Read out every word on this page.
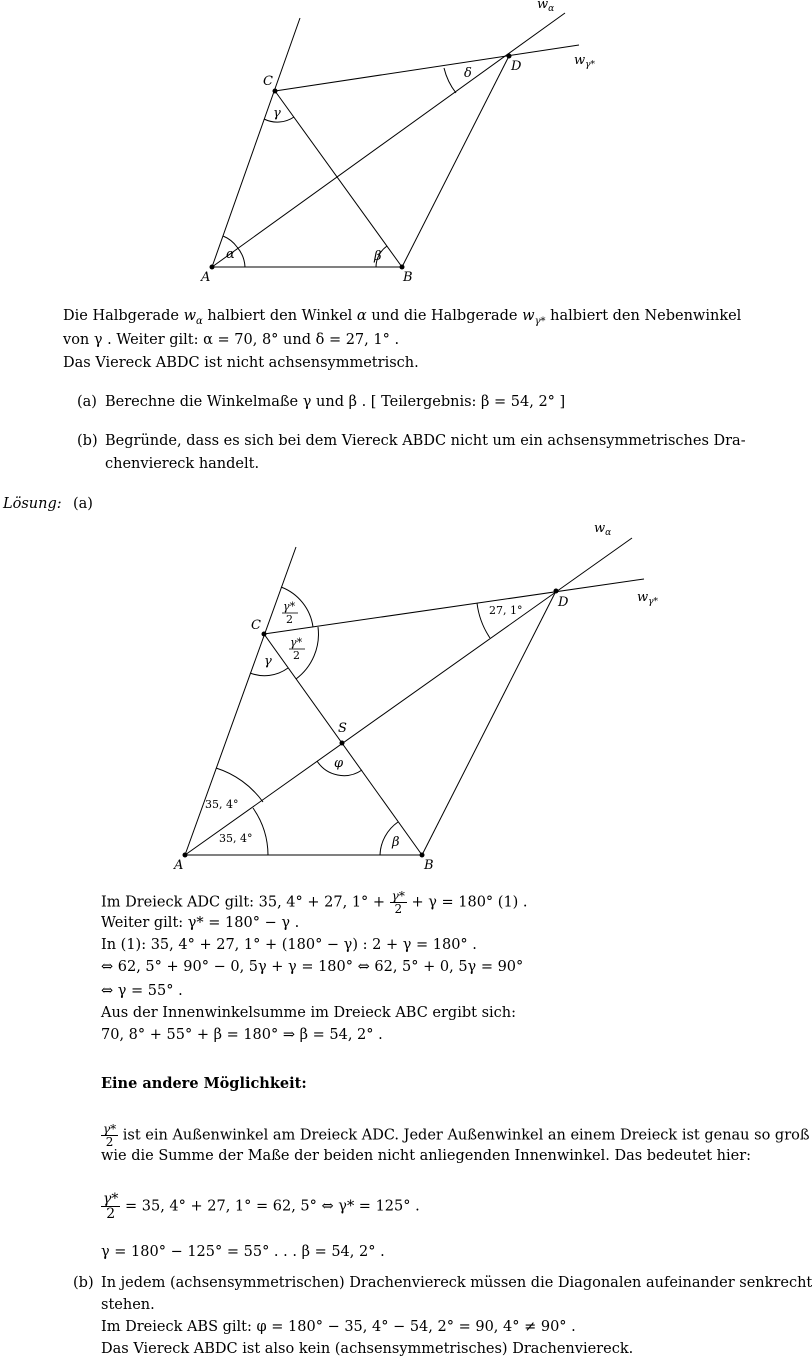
A	B
C
D
α	β
γ
δ
$w_\alpha$
$w_{\gamma*}$
Die Halbgerade $w_\alpha$ halbiert den Winkel α und die Halbgerade $w_{\gamma*}$ halbiert den Nebenwinkel
von γ . Weiter gilt: α = 70, 8° und δ = 27, 1° .
Das Viereck ABDC ist nicht achsensymmetrisch.
(a) Berechne die Winkelmaße γ und β . [ Teilergebnis: β = 54, 2° ]
(b) Begründe, dass es sich bei dem Viereck ABDC nicht um ein achsensymmetrisches Dra-
chenviereck handelt.
Lösung: (a)
A	B
C
D
S
β
γ
φ
$w_\alpha$
$w_{\gamma*}$
35, 4°
35, 4°
27, 1°
γ*
2
γ*
2
Im Dreieck ADC gilt: 35, 4° + 27, $1^\circ + \frac{\gamma*}{2} + \gamma = 180^\circ$ (1) .
Weiter gilt: γ* = 180° − γ .
In (1): 35, 4° + 27, 1° + (180° − γ) : 2 + γ = 180° .
⇔ 62, 5° + 90° − 0, 5γ + γ = 180° ⇔ 62, 5° + 0, 5γ = 90°
⇔ γ = 55° .
Aus der Innenwinkelsumme im Dreieck ABC ergibt sich:
70, 8° + 55° + β = 180° ⇒ β = 54, 2° .
Eine andere Möglichkeit:
$\frac{\gamma*}{2}$ ist ein Außenwinkel am Dreieck ADC. Jeder Außenwinkel an einem Dreieck ist genau so groß
wie die Summe der Maße der beiden nicht anliegenden Innenwinkel. Das bedeutet hier:
$\frac{\gamma*}{2} = 35$, 4° + 27, 1° = 62, 5° ⇔ γ* = 125° .
γ = 180° − 125° = 55° . . . β = 54, 2° .
(b) In jedem (achsensymmetrischen) Drachenviereck müssen die Diagonalen aufeinander senkrecht
stehen.
Im Dreieck ABS gilt: φ = 180° − 35, 4° − 54, 2° = 90, 4° ≠ 90° .
Das Viereck ABDC ist also kein (achsensymmetrisches) Drachenviereck.
